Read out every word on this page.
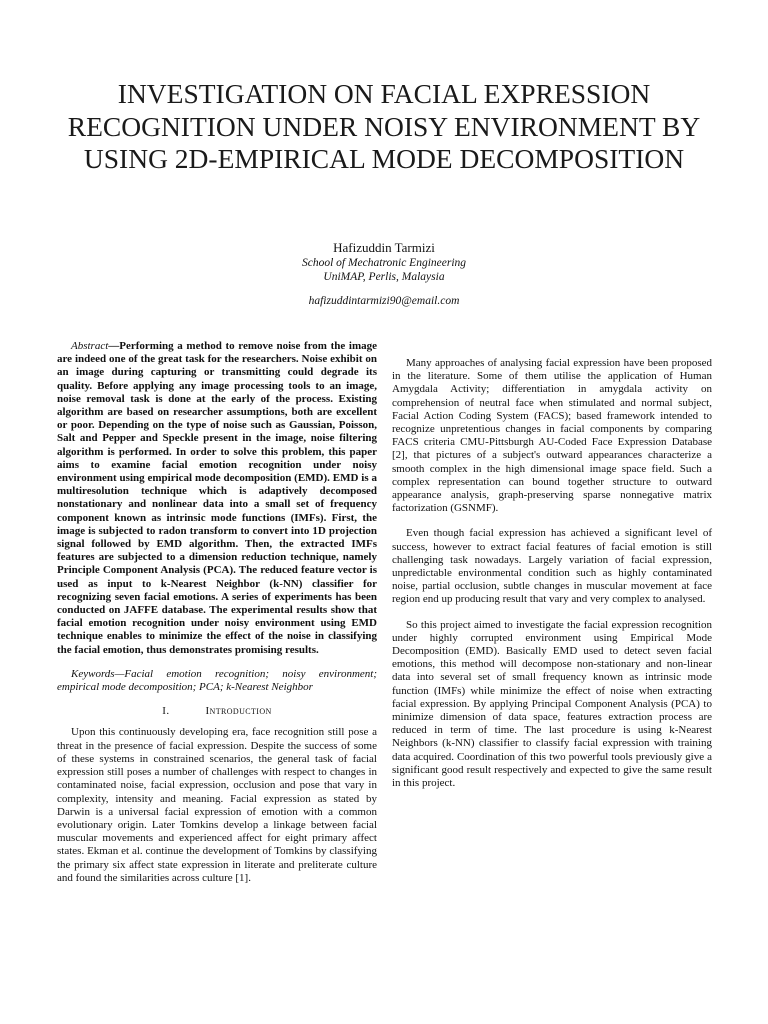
INVESTIGATION ON FACIAL EXPRESSION RECOGNITION UNDER NOISY ENVIRONMENT BY USING 2D-EMPIRICAL MODE DECOMPOSITION
Hafizuddin Tarmizi
School of Mechatronic Engineering
UniMAP, Perlis, Malaysia
hafizuddintarmizi90@email.com

Abstract—Performing a method to remove noise from the image are indeed one of the great task for the researchers. Noise exhibit on an image during capturing or transmitting could degrade its quality. Before applying any image processing tools to an image, noise removal task is done at the early of the process. Existing algorithm are based on researcher assumptions, both are excellent or poor. Depending on the type of noise such as Gaussian, Poisson, Salt and Pepper and Speckle present in the image, noise filtering algorithm is performed. In order to solve this problem, this paper aims to examine facial emotion recognition under noisy environment using empirical mode decomposition (EMD). EMD is a multiresolution technique which is adaptively decomposed nonstationary and nonlinear data into a small set of frequency component known as intrinsic mode functions (IMFs). First, the image is subjected to radon transform to convert into 1D projection signal followed by EMD algorithm. Then, the extracted IMFs features are subjected to a dimension reduction technique, namely Principle Component Analysis (PCA). The reduced feature vector is used as input to k-Nearest Neighbor (k-NN) classifier for recognizing seven facial emotions. A series of experiments has been conducted on JAFFE database. The experimental results show that facial emotion recognition under noisy environment using EMD technique enables to minimize the effect of the noise in classifying the facial emotion, thus demonstrates promising results.

Keywords—Facial emotion recognition; noisy environment; empirical mode decomposition; PCA; k-Nearest Neighbor

I.	Introduction

Upon this continuously developing era, face recognition still pose a threat in the presence of facial expression. Despite the success of some of these systems in constrained scenarios, the general task of facial expression still poses a number of challenges with respect to changes in contaminated noise, facial expression, occlusion and pose that vary in complexity, intensity and meaning. Facial expression as stated by Darwin is a universal facial expression of emotion with a common evolutionary origin. Later Tomkins develop a linkage between facial muscular movements and experienced affect for eight primary affect states. Ekman et al. continue the development of Tomkins by classifying the primary six affect state expression in literate and preliterate culture and found the similarities across culture [1].

Many approaches of analysing facial expression have been proposed in the literature. Some of them utilise the application of Human Amygdala Activity; differentiation in amygdala activity on comprehension of neutral face when stimulated and normal subject, Facial Action Coding System (FACS); based framework intended to recognize unpretentious changes in facial components by comparing FACS criteria CMU-Pittsburgh AU-Coded Face Expression Database [2], that pictures of a subject's outward appearances characterize a smooth complex in the high dimensional image space field. Such a complex representation can bound together structure to outward appearance analysis, graph-preserving sparse nonnegative matrix factorization (GSNMF).

Even though facial expression has achieved a significant level of success, however to extract facial features of facial emotion is still challenging task nowadays. Largely variation of facial expression, unpredictable environmental condition such as highly contaminated noise, partial occlusion, subtle changes in muscular movement at face region end up producing result that vary and very complex to analysed.

So this project aimed to investigate the facial expression recognition under highly corrupted environment using Empirical Mode Decomposition (EMD). Basically EMD used to detect seven facial emotions, this method will decompose non-stationary and non-linear data into several set of small frequency known as intrinsic mode function (IMFs) while minimize the effect of noise when extracting facial expression. By applying Principal Component Analysis (PCA) to minimize dimension of data space, features extraction process are reduced in term of time. The last procedure is using k-Nearest Neighbors (k-NN) classifier to classify facial expression with training data acquired. Coordination of this two powerful tools previously give a significant good result respectively and expected to give the same result in this project.
